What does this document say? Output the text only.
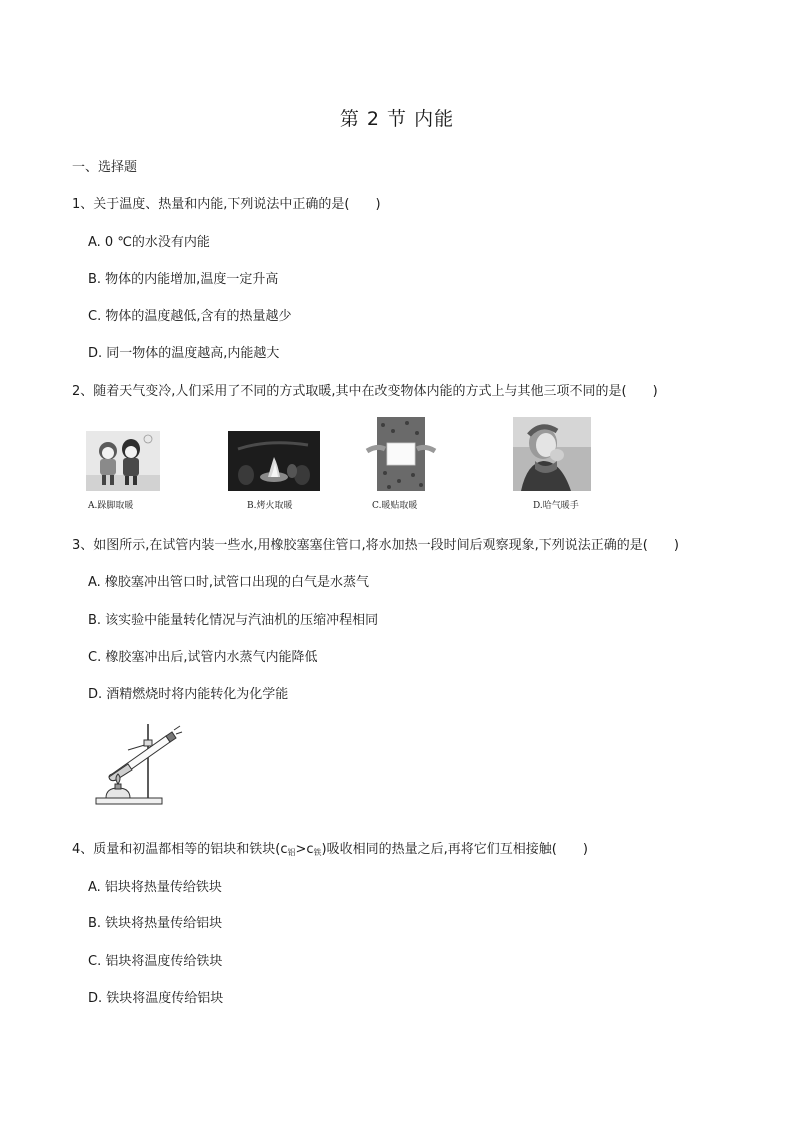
第 2 节 内能
一、选择题
1、关于温度、热量和内能,下列说法中正确的是(　　)
A. 0 ℃的水没有内能
B. 物体的内能增加,温度一定升高
C. 物体的温度越低,含有的热量越少
D. 同一物体的温度越高,内能越大
2、随着天气变冷,人们采用了不同的方式取暖,其中在改变物体内能的方式上与其他三项不同的是(　　)
A.跺脚取暖	B.烤火取暖	C.暖贴取暖	D.哈气暖手
3、如图所示,在试管内装一些水,用橡胶塞塞住管口,将水加热一段时间后观察现象,下列说法正确的是(　　)
A. 橡胶塞冲出管口时,试管口出现的白气是水蒸气
B. 该实验中能量转化情况与汽油机的压缩冲程相同
C. 橡胶塞冲出后,试管内水蒸气内能降低
D. 酒精燃烧时将内能转化为化学能
4、质量和初温都相等的铝块和铁块$(c_铝>c_铁)$吸收相同的热量之后,再将它们互相接触(　　)
A. 铝块将热量传给铁块
B. 铁块将热量传给铝块
C. 铝块将温度传给铁块
D. 铁块将温度传给铝块
